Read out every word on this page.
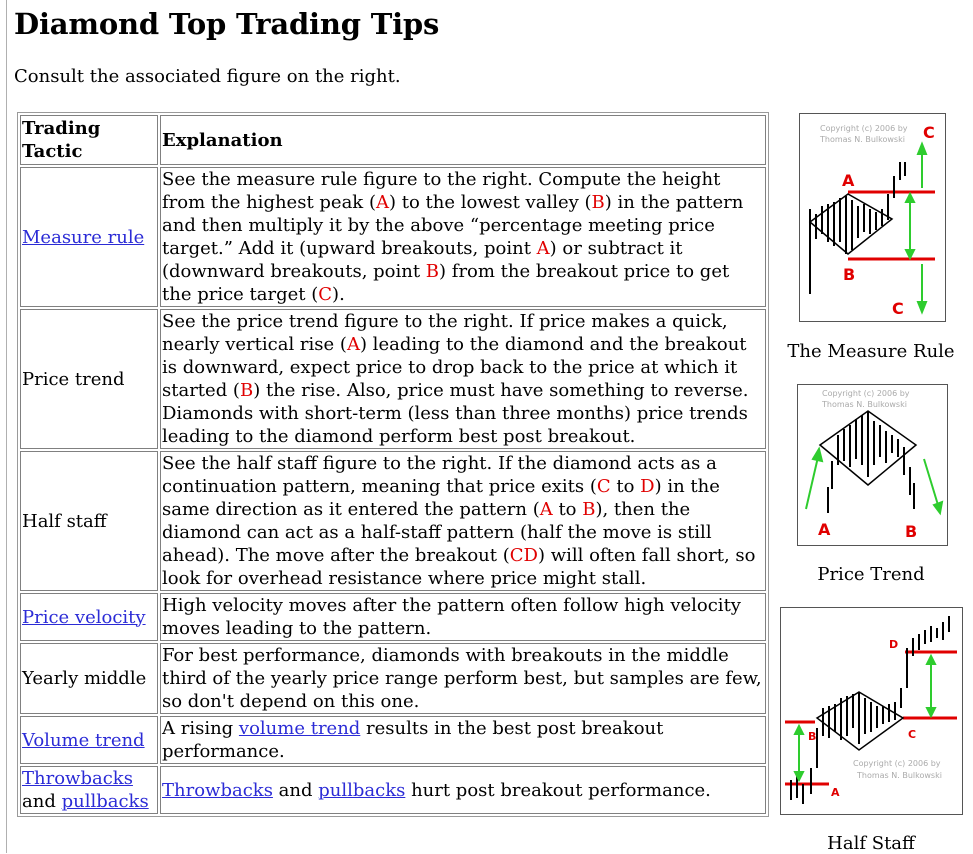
Diamond Top Trading Tips

Consult the associated figure on the right.

Trading Tactic	Explanation
Measure rule	See the measure rule figure to the right. Compute the height from the highest peak (A) to the lowest valley (B) in the pattern and then multiply it by the above “percentage meeting price target.” Add it (upward breakouts, point A) or subtract it (downward breakouts, point B) from the breakout price to get the price target (C).
Price trend	See the price trend figure to the right. If price makes a quick, nearly vertical rise (A) leading to the diamond and the breakout is downward, expect price to drop back to the price at which it started (B) the rise. Also, price must have something to reverse. Diamonds with short-term (less than three months) price trends leading to the diamond perform best post breakout.
Half staff	See the half staff figure to the right. If the diamond acts as a continuation pattern, meaning that price exits (C to D) in the same direction as it entered the pattern (A to B), then the diamond can act as a half-staff pattern (half the move is still ahead). The move after the breakout (CD) will often fall short, so look for overhead resistance where price might stall.
Price velocity	High velocity moves after the pattern often follow high velocity moves leading to the pattern.
Yearly middle	For best performance, diamonds with breakouts in the middle third of the yearly price range perform best, but samples are few, so don't depend on this one.
Volume trend	A rising volume trend results in the best post breakout performance.
Throwbacks
and pullbacks	Throwbacks and pullbacks hurt post breakout performance.
Copyright (c) 2006 by
Thomas N. Bulkowski C
A
B
C
The Measure Rule
Copyright (c) 2006 by
Thomas N. Bulkowski
A	B
Price Trend
D
B	C
A
Copyright (c) 2006 by
Thomas N. Bulkowski
Half Staff
